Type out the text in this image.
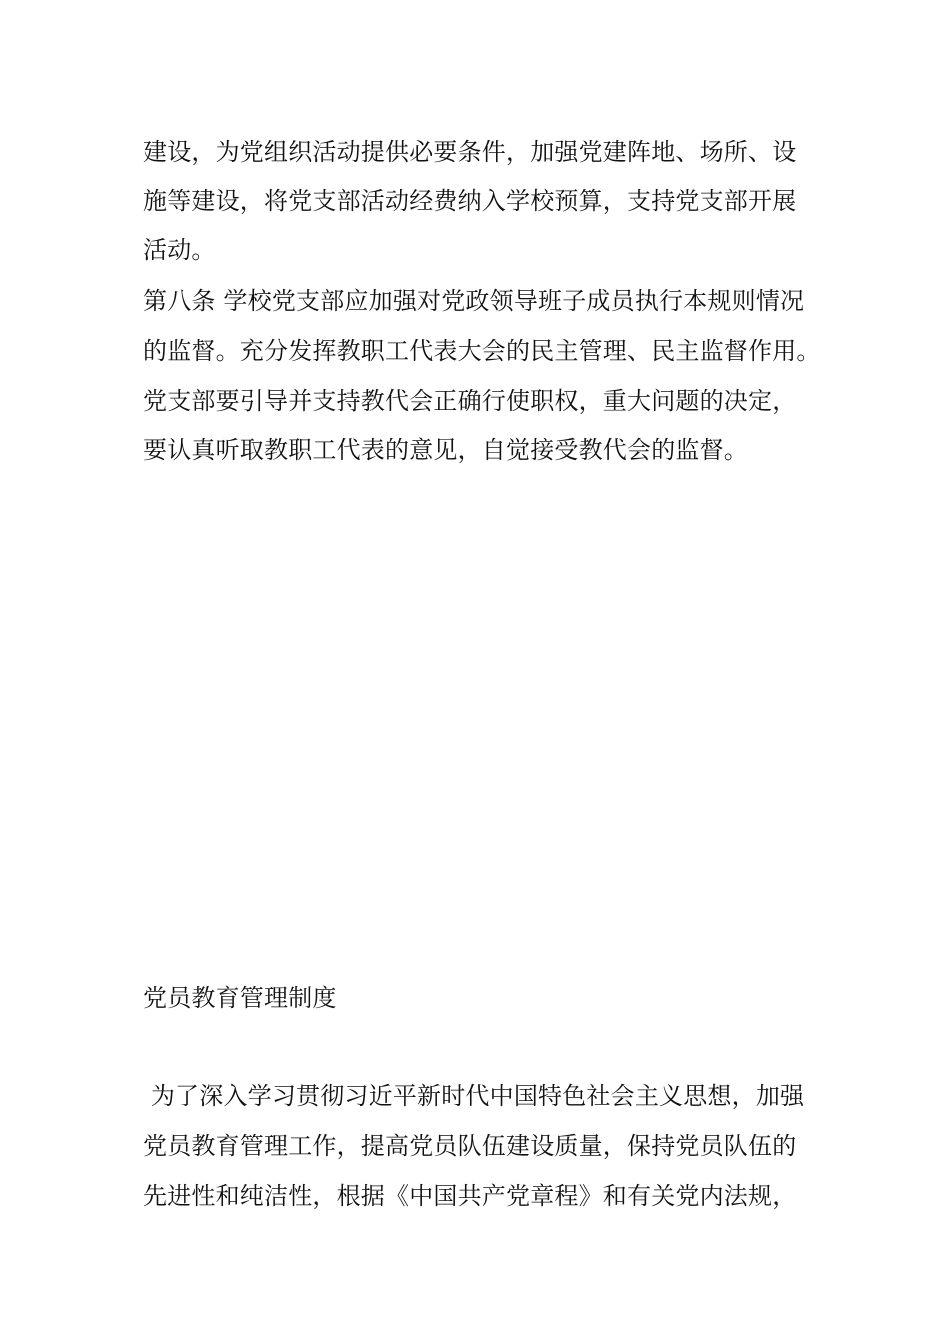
建设，为党组织活动提供必要条件，加强党建阵地、场所、设
施等建设，将党支部活动经费纳入学校预算，支持党支部开展
活动。
第八条 学校党支部应加强对党政领导班子成员执行本规则情况
的监督。充分发挥教职工代表大会的民主管理、民主监督作用。
党支部要引导并支持教代会正确行使职权，重大问题的决定，
要认真听取教职工代表的意见，自觉接受教代会的监督。
党员教育管理制度
为了深入学习贯彻习近平新时代中国特色社会主义思想，加强
党员教育管理工作，提高党员队伍建设质量，保持党员队伍的
先进性和纯洁性，根据《中国共产党章程》和有关党内法规，
